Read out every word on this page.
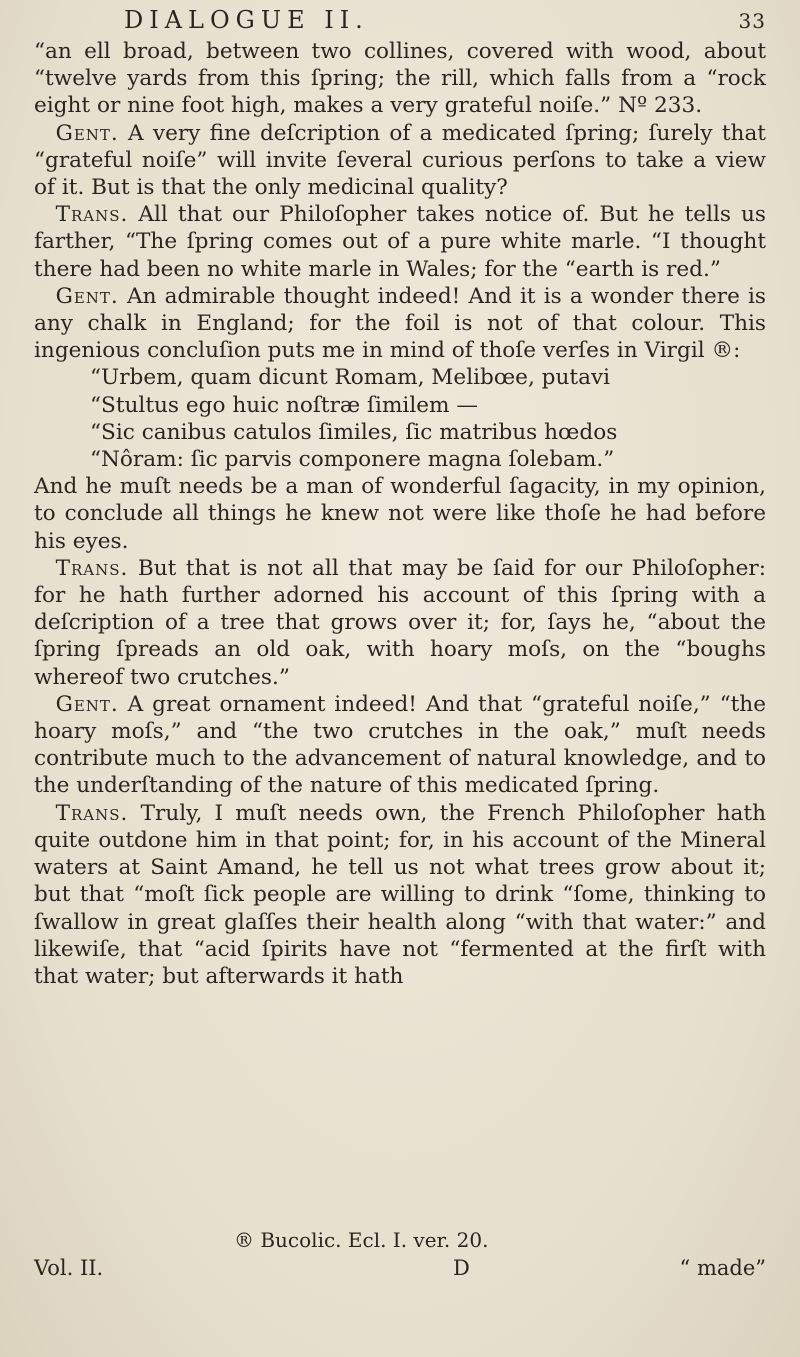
DIALOGUE II.	33

“an ell broad, between two collines, covered with wood, about “twelve yards from this ſpring; the rill, which falls from a “rock eight or nine foot high, makes a very grateful noiſe.” Nº 233.

 Gent. A very fine deſcription of a medicated ſpring; ſurely that “grateful noiſe” will invite ſeveral curious perſons to take a view of it. But is that the only medicinal quality?

 Trans. All that our Philoſopher takes notice of. But he tells us farther, “The ſpring comes out of a pure white marle. “I thought there had been no white marle in Wales; for the “earth is red.”

 Gent. An admirable thought indeed! And it is a wonder there is any chalk in England; for the foil is not of that colour. This ingenious concluſion puts me in mind of thoſe verſes in Virgil ®:

“Urbem, quam dicunt Romam, Melibœe, putavi
“Stultus ego huic noſtræ ſimilem —
“Sic canibus catulos ſimiles, ſic matribus hœdos
“Nôram: ſic parvis componere magna ſolebam.”

And he muſt needs be a man of wonderful ſagacity, in my opinion, to conclude all things he knew not were like thoſe he had before his eyes.

 Trans. But that is not all that may be ſaid for our Philoſopher: for he hath further adorned his account of this ſpring with a deſcription of a tree that grows over it; for, ſays he, “about the ſpring ſpreads an old oak, with hoary moſs, on the “boughs whereof two crutches.”

 Gent. A great ornament indeed! And that “grateful noiſe,” “the hoary moſs,” and “the two crutches in the oak,” muſt needs contribute much to the advancement of natural knowledge, and to the underſtanding of the nature of this medicated ſpring.

 Trans. Truly, I muſt needs own, the French Philoſopher hath quite outdone him in that point; for, in his account of the Mineral waters at Saint Amand, he tell us not what trees grow about it; but that “moſt ſick people are willing to drink “ſome, thinking to ſwallow in great glaſſes their health along “with that water:” and likewiſe, that “acid ſpirits have not “fermented at the firſt with that water; but afterwards it hath

® Bucolic. Ecl. I. ver. 20.
Vol. II.	D	“ made”
